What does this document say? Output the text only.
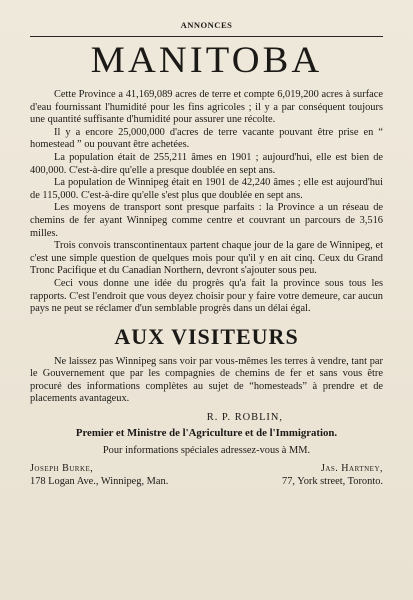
ANNONCES
MANITOBA

Cette Province a 41,169,089 acres de terre et compte 6,019,200 acres à surface d'eau fournissant l'humidité pour les fins agricoles ; il y a par conséquent toujours une quantité suffisante d'humidité pour assurer une récolte.

Il y a encore 25,000,000 d'acres de terre vacante pouvant être prise en “ homestead ” ou pouvant être achetées.

La population était de 255,211 âmes en 1901 ; aujourd'hui, elle est bien de 400,000. C'est-à-dire qu'elle a presque doublée en sept ans.

La population de Winnipeg était en 1901 de 42,240 âmes ; elle est aujourd'hui de 115,000. C'est-à-dire qu'elle s'est plus que doublée en sept ans.

Les moyens de transport sont presque parfaits : la Province a un réseau de chemins de fer ayant Winnipeg comme centre et couvrant un parcours de 3,516 milles.

Trois convois transcontinentaux partent chaque jour de la gare de Winnipeg, et c'est une simple question de quelques mois pour qu'il y en ait cinq. Ceux du Grand Tronc Pacifique et du Canadian Northern, devront s'ajouter sous peu.

Ceci vous donne une idée du progrès qu'a fait la province sous tous les rapports. C'est l'endroit que vous deyez choisir pour y faire votre demeure, car aucun pays ne peut se réclamer d'un semblable progrès dans un délai égal.

AUX VISITEURS

Ne laissez pas Winnipeg sans voir par vous-mêmes les terres à vendre, tant par le Gouvernement que par les compagnies de chemins de fer et sans vous être procuré des informations complètes au sujet de “homesteads” à prendre et de placements avantageux.

R. P. ROBLIN,
Premier et Ministre de l'Agriculture et de l'Immigration.
Pour informations spéciales adressez-vous à MM.
Joseph Burke,
178 Logan Ave., Winnipeg, Man.
Jas. Hartney,
77, York street, Toronto.
